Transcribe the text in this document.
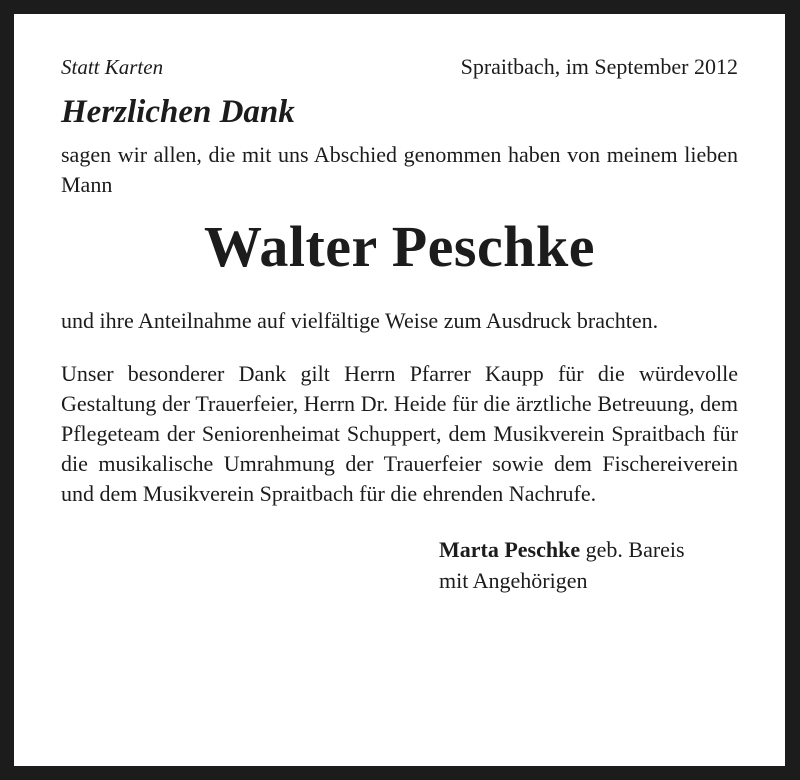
Statt Karten	Spraitbach, im September 2012
Herzlichen Dank
sagen wir allen, die mit uns Abschied genommen haben von meinem lieben Mann
Walter Peschke
und ihre Anteilnahme auf vielfältige Weise zum Ausdruck brachten.
Unser besonderer Dank gilt Herrn Pfarrer Kaupp für die würdevolle Gestaltung der Trauerfeier, Herrn Dr. Heide für die ärztliche Betreuung, dem Pflegeteam der Seniorenheimat Schuppert, dem Musikverein Spraitbach für die musikalische Umrahmung der Trauerfeier sowie dem Fischereiverein und dem Musikverein Spraitbach für die ehrenden Nachrufe.
Marta Peschke geb. Bareis
mit Angehörigen
